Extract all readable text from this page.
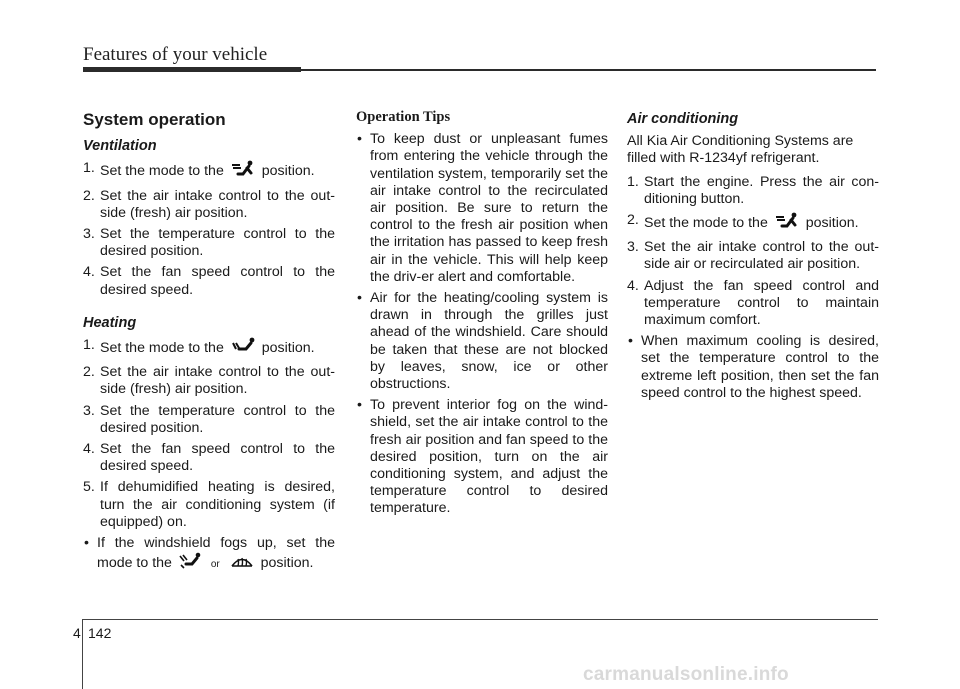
Features of your vehicle
System operation
Ventilation
1. Set the mode to the	position.
2. Set the air intake control to the out-side (fresh) air position.
3. Set the temperature control to the desired position.
4. Set the fan speed control to the desired speed.
Heating
1. Set the mode to the	position.
2. Set the air intake control to the out-side (fresh) air position.
3. Set the temperature control to the desired position.
4. Set the fan speed control to the desired speed.
5. If dehumidified heating is desired, turn the air conditioning system (if equipped) on.
• If the windshield fogs up, set the mode to the	or	position.
Operation Tips
• To keep dust or unpleasant fumes from entering the vehicle through the ventilation system, temporarily set the air intake control to the recirculated air position. Be sure to return the control to the fresh air position when the irritation has passed to keep fresh air in the vehicle. This will help keep the driv-er alert and comfortable.
• Air for the heating/cooling system is drawn in through the grilles just ahead of the windshield. Care should be taken that these are not blocked by leaves, snow, ice or other obstructions.
• To prevent interior fog on the wind-shield, set the air intake control to the fresh air position and fan speed to the desired position, turn on the air conditioning system, and adjust the temperature control to desired temperature.
Air conditioning
All Kia Air Conditioning Systems are filled with R-1234yf refrigerant.
1. Start the engine. Press the air con-ditioning button.
2. Set the mode to the	position.
3. Set the air intake control to the out-side air or recirculated air position.
4. Adjust the fan speed control and temperature control to maintain maximum comfort.
• When maximum cooling is desired, set the temperature control to the extreme left position, then set the fan speed control to the highest speed.
4 142
carmanualsonline.info
